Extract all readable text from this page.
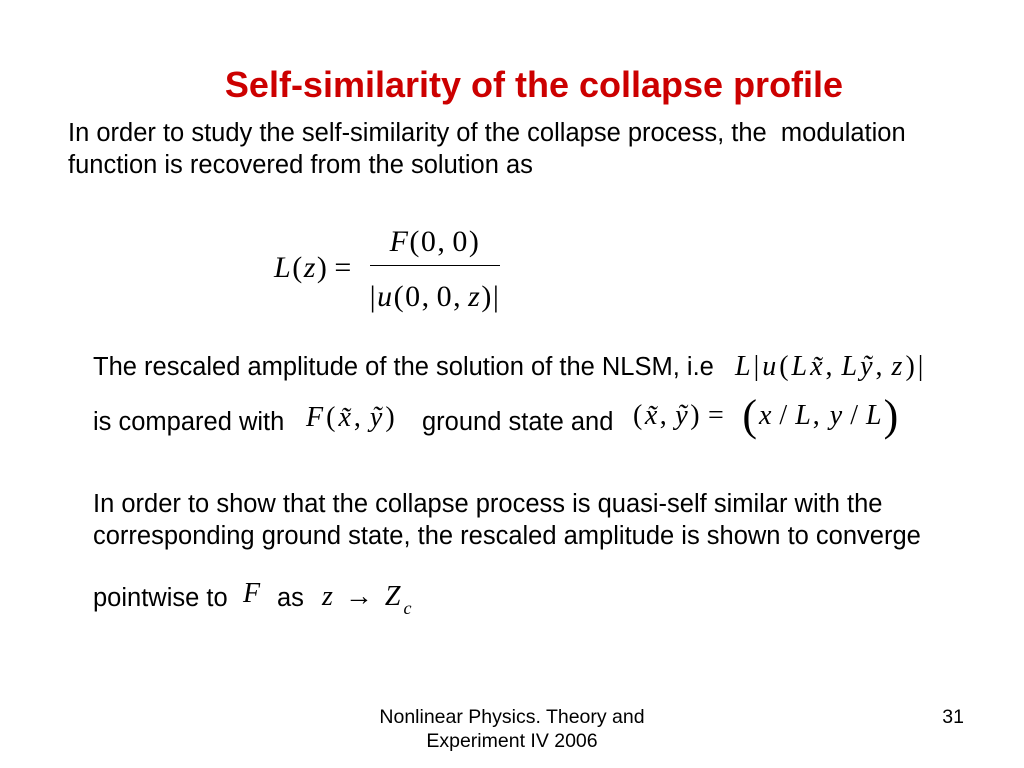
Self-similarity of the collapse profile
In order to study the self-similarity of the collapse process, the  modulation
function is recovered from the solution as
L(z) =
F(0, 0)
|u(0, 0, z)|
The rescaled amplitude of the solution of the NLSM, i.e L | u ( L x̃ , L ỹ , z ) |
is compared with F ( x̃ , ỹ ) ground state and (x̃, ỹ) = ( x / L, y / L )
In order to show that the collapse process is quasi-self similar with the
corresponding ground state, the rescaled amplitude is shown to converge
pointwise to F as z → Z c
Nonlinear Physics. Theory and
Experiment IV 2006
31
